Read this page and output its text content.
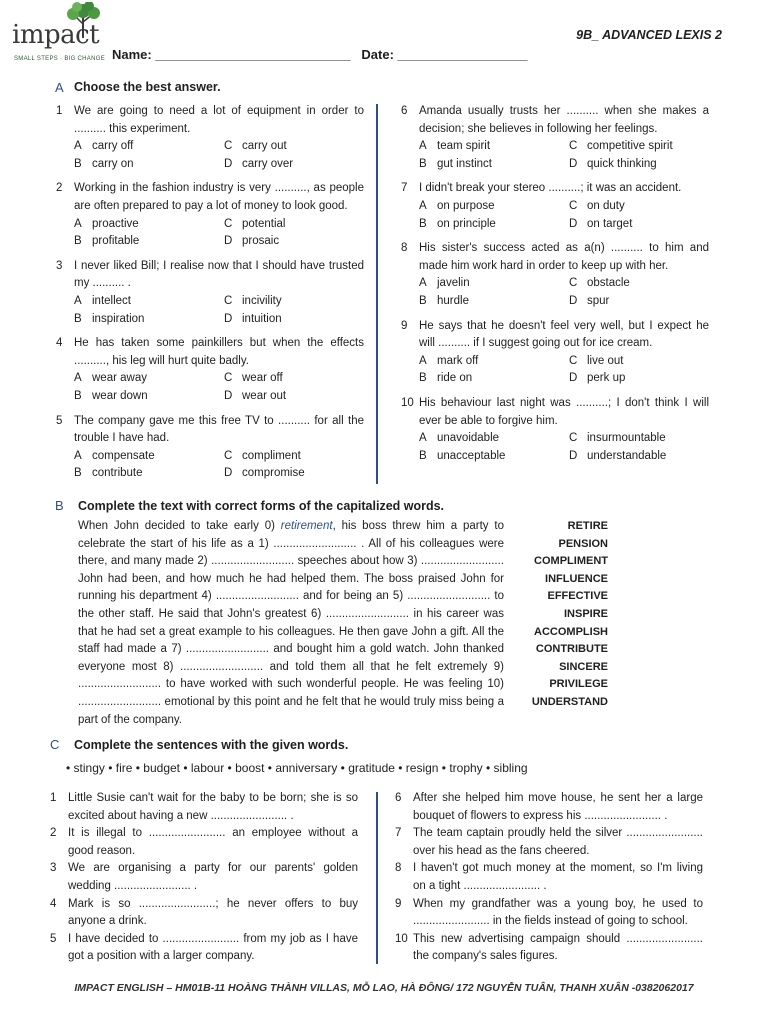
impact
SMALL STEPS · BIG CHANGE
9B_ ADVANCED LEXIS 2
Name: ___________________________ Date: __________________
A Choose the best answer.
1 We are going to need a lot of equipment in order to .......... this experiment.
A carry off	C carry out
B carry on	D carry over
2 Working in the fashion industry is very .........., as people are often prepared to pay a lot of money to look good.
A proactive	C potential
B profitable	D prosaic
3 I never liked Bill; I realise now that I should have trusted my .......... .
A intellect	C incivility
B inspiration	D intuition
4 He has taken some painkillers but when the effects .........., his leg will hurt quite badly.
A wear away	C wear off
B wear down	D wear out
5 The company gave me this free TV to .......... for all the trouble I have had.
A compensate	C compliment
B contribute	D compromise
6 Amanda usually trusts her .......... when she makes a decision; she believes in following her feelings.
A team spirit	C competitive spirit
B gut instinct	D quick thinking
7 I didn't break your stereo ..........; it was an accident.
A on purpose	C on duty
B on principle	D on target
8 His sister's success acted as a(n) .......... to him and made him work hard in order to keep up with her.
A javelin	C obstacle
B hurdle	D spur
9 He says that he doesn't feel very well, but I expect he will .......... if I suggest going out for ice cream.
A mark off	C live out
B ride on	D perk up
10 His behaviour last night was ..........; I don't think I will ever be able to forgive him.
A unavoidable	C insurmountable
B unacceptable	D understandable
B Complete the text with correct forms of the capitalized words.
When John decided to take early 0) retirement, his boss threw him a party to celebrate the start of his life as a 1) .......................... . All of his colleagues were there, and many made 2) .......................... speeches about how 3) .......................... John had been, and how much he had helped them. The boss praised John for running his department 4) .......................... and for being an 5) .......................... to the other staff. He said that John's greatest 6) .......................... in his career was that he had set a great example to his colleagues. He then gave John a gift. All the staff had made a 7) .......................... and bought him a gold watch. John thanked everyone most 8) .......................... and told them all that he felt extremely 9) .......................... to have worked with such wonderful people. He was feeling 10) .......................... emotional by this point and he felt that he would truly miss being a part of the company.
RETIRE
PENSION
COMPLIMENT
INFLUENCE
EFFECTIVE
INSPIRE
ACCOMPLISH
CONTRIBUTE
SINCERE
PRIVILEGE
UNDERSTAND
C Complete the sentences with the given words.
• stingy • fire • budget • labour • boost • anniversary • gratitude • resign • trophy • sibling
1 Little Susie can't wait for the baby to be born; she is so excited about having a new ........................ .
2 It is illegal to ........................ an employee without a good reason.
3 We are organising a party for our parents' golden wedding ........................ .
4 Mark is so ........................; he never offers to buy anyone a drink.
5 I have decided to ........................ from my job as I have got a position with a larger company.
6 After she helped him move house, he sent her a large bouquet of flowers to express his ........................ .
7 The team captain proudly held the silver ........................ over his head as the fans cheered.
8 I haven't got much money at the moment, so I'm living on a tight ........................ .
9 When my grandfather was a young boy, he used to ........................ in the fields instead of going to school.
10 This new advertising campaign should ........................ the company's sales figures.
IMPACT ENGLISH – HM01B-11 HOÀNG THÀNH VILLAS, MỖ LAO, HÀ ĐÔNG/ 172 NGUYỄN TUÂN, THANH XUÂN -0382062017
